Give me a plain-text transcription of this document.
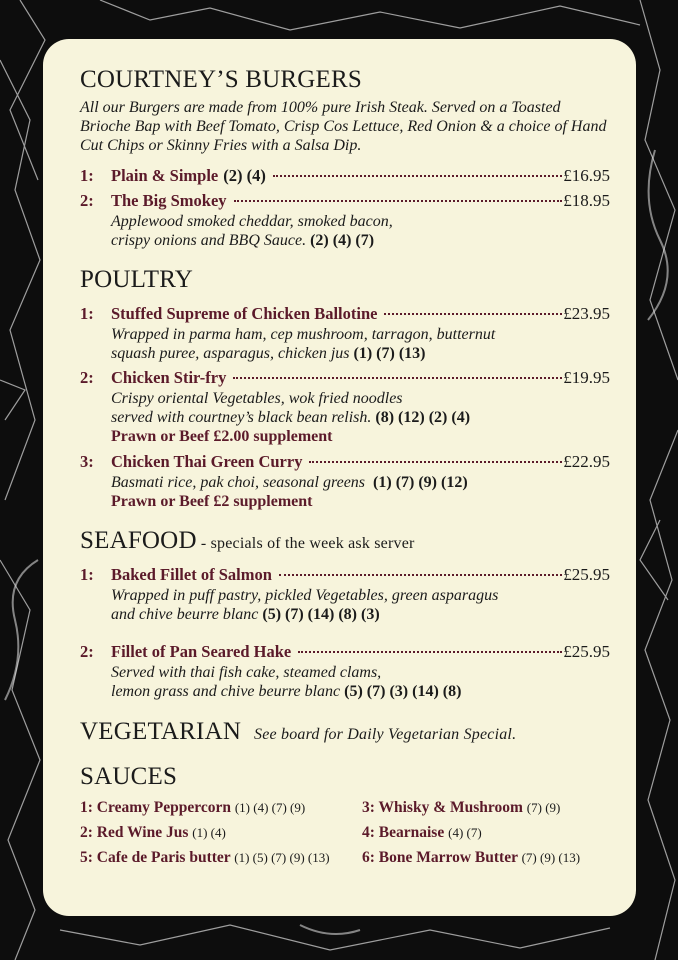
COURTNEY’S BURGERS
All our Burgers are made from 100% pure Irish Steak. Served on a Toasted Brioche Bap with Beef Tomato, Crisp Cos Lettuce, Red Onion & a choice of Hand Cut Chips or Skinny Fries with a Salsa Dip.
1:	Plain & Simple (2) (4)	£16.95
2:	The Big Smokey	£18.95
Applewood smoked cheddar, smoked bacon,
crispy onions and BBQ Sauce. (2) (4) (7)
POULTRY
1:	Stuffed Supreme of Chicken Ballotine	£23.95
Wrapped in parma ham, cep mushroom, tarragon, butternut
squash puree, asparagus, chicken jus (1) (7) (13)
2:	Chicken Stir-fry	£19.95
Crispy oriental Vegetables, wok fried noodles
served with courtney’s black bean relish. (8) (12) (2) (4)
Prawn or Beef £2.00 supplement
3:	Chicken Thai Green Curry	£22.95
Basmati rice, pak choi, seasonal greens (1) (7) (9) (12)
Prawn or Beef £2 supplement
SEAFOOD - specials of the week ask server
1:	Baked Fillet of Salmon	£25.95
Wrapped in puff pastry, pickled Vegetables, green asparagus
and chive beurre blanc (5) (7) (14) (8) (3)
2:	Fillet of Pan Seared Hake	£25.95
Served with thai fish cake, steamed clams,
lemon grass and chive beurre blanc (5) (7) (3) (14) (8)
VEGETARIAN See board for Daily Vegetarian Special.
SAUCES
1: Creamy Peppercorn (1) (4) (7) (9)	3: Whisky & Mushroom (7) (9)
2: Red Wine Jus (1) (4)	4: Bearnaise (4) (7)
5: Cafe de Paris butter (1) (5) (7) (9) (13)	6: Bone Marrow Butter (7) (9) (13)
